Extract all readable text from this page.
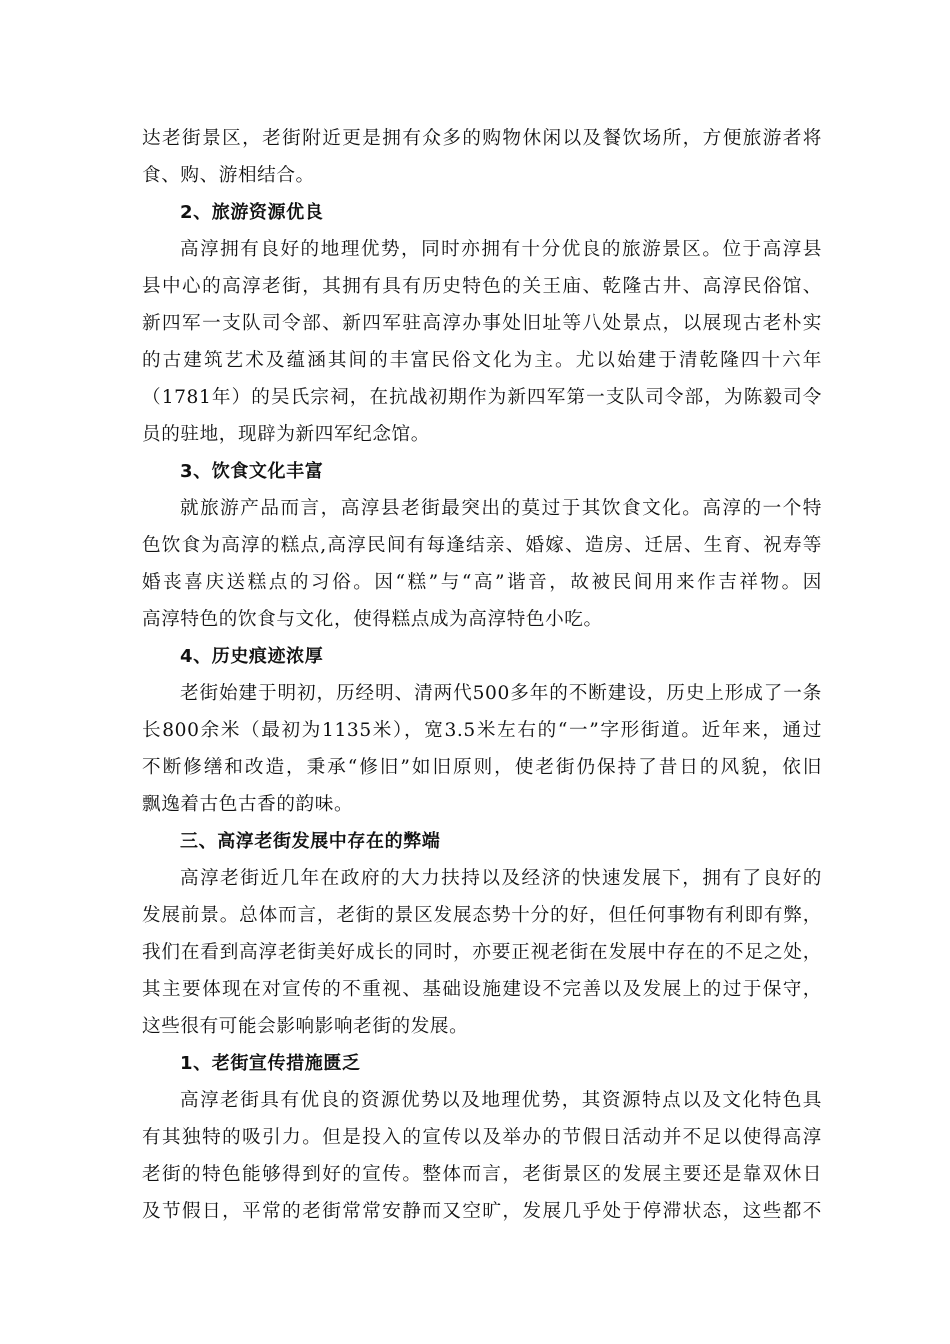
达老街景区，老街附近更是拥有众多的购物休闲以及餐饮场所，方便旅游者将
食、购、游相结合。
2、旅游资源优良
高淳拥有良好的地理优势，同时亦拥有十分优良的旅游景区。位于高淳县
县中心的高淳老街，其拥有具有历史特色的关王庙、乾隆古井、高淳民俗馆、
新四军一支队司令部、新四军驻高淳办事处旧址等八处景点，以展现古老朴实
的古建筑艺术及蕴涵其间的丰富民俗文化为主。尤以始建于清乾隆四十六年
（1781年）的吴氏宗祠，在抗战初期作为新四军第一支队司令部，为陈毅司令
员的驻地，现辟为新四军纪念馆。
3、饮食文化丰富
就旅游产品而言，高淳县老街最突出的莫过于其饮食文化。高淳的一个特
色饮食为高淳的糕点,高淳民间有每逢结亲、婚嫁、造房、迁居、生育、祝寿等
婚丧喜庆送糕点的习俗。因“糕”与“高”谐音，故被民间用来作吉祥物。因
高淳特色的饮食与文化，使得糕点成为高淳特色小吃。
4、历史痕迹浓厚
老街始建于明初，历经明、清两代500多年的不断建设，历史上形成了一条
长800余米（最初为1135米），宽3.5米左右的“一”字形街道。近年来，通过
不断修缮和改造，秉承“修旧”如旧原则，使老街仍保持了昔日的风貌，依旧
飘逸着古色古香的韵味。
三、高淳老街发展中存在的弊端
高淳老街近几年在政府的大力扶持以及经济的快速发展下，拥有了良好的
发展前景。总体而言，老街的景区发展态势十分的好，但任何事物有利即有弊，
我们在看到高淳老街美好成长的同时，亦要正视老街在发展中存在的不足之处，
其主要体现在对宣传的不重视、基础设施建设不完善以及发展上的过于保守，
这些很有可能会影响影响老街的发展。
1、老街宣传措施匮乏
高淳老街具有优良的资源优势以及地理优势，其资源特点以及文化特色具
有其独特的吸引力。但是投入的宣传以及举办的节假日活动并不足以使得高淳
老街的特色能够得到好的宣传。整体而言，老街景区的发展主要还是靠双休日
及节假日，平常的老街常常安静而又空旷，发展几乎处于停滞状态，这些都不
